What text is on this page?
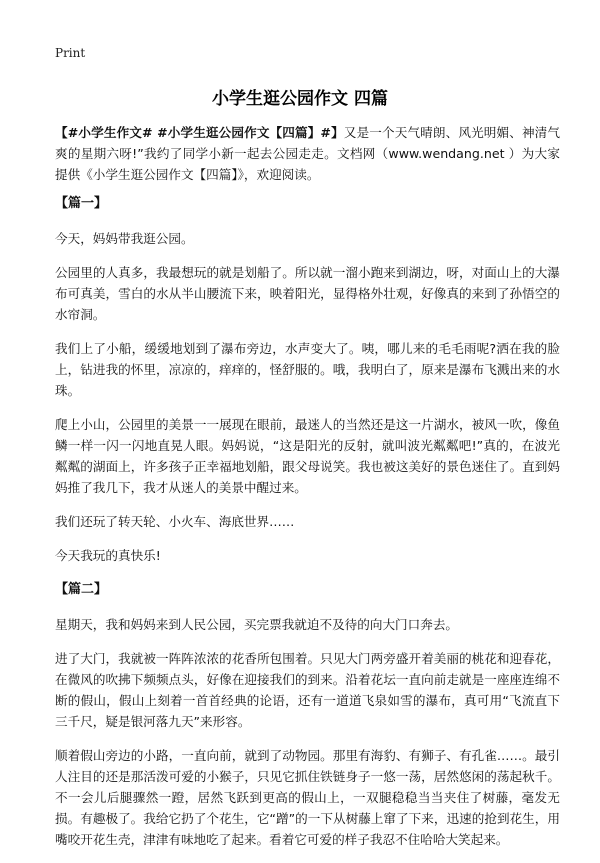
Print
小学生逛公园作文 四篇

【#小学生作文# #小学生逛公园作文【四篇】#】又是一个天气晴朗、风光明媚、神清气爽的星期六呀!”我约了同学小新一起去公园走走。文档网（www.wendang.net ）为大家提供《小学生逛公园作文【四篇】》，欢迎阅读。

【篇一】

今天，妈妈带我逛公园。

公园里的人真多，我最想玩的就是划船了。所以就一溜小跑来到湖边，呀，对面山上的大瀑布可真美，雪白的水从半山腰流下来，映着阳光，显得格外壮观，好像真的来到了孙悟空的水帘洞。

我们上了小船，缓缓地划到了瀑布旁边，水声变大了。咦，哪儿来的毛毛雨呢?洒在我的脸上，钻进我的怀里，凉凉的，痒痒的，怪舒服的。哦，我明白了，原来是瀑布飞溅出来的水珠。

爬上小山，公园里的美景一一展现在眼前，最迷人的当然还是这一片湖水，被风一吹，像鱼鳞一样一闪一闪地直晃人眼。妈妈说，“这是阳光的反射，就叫波光粼粼吧!”真的，在波光粼粼的湖面上，许多孩子正幸福地划船，跟父母说笑。我也被这美好的景色迷住了。直到妈妈推了我几下，我才从迷人的美景中醒过来。

我们还玩了转天轮、小火车、海底世界……

今天我玩的真快乐!

【篇二】

星期天，我和妈妈来到人民公园，买完票我就迫不及待的向大门口奔去。

进了大门，我就被一阵阵浓浓的花香所包围着。只见大门两旁盛开着美丽的桃花和迎春花，在微风的吹拂下频频点头，好像在迎接我们的到来。沿着花坛一直向前走就是一座座连绵不断的假山，假山上刻着一首首经典的论语，还有一道道飞泉如雪的瀑布，真可用“飞流直下三千尺，疑是银河落九天”来形容。

顺着假山旁边的小路，一直向前，就到了动物园。那里有海豹、有狮子、有孔雀……。最引人注目的还是那活泼可爱的小猴子，只见它抓住铁链身子一悠一荡，居然悠闲的荡起秋千。不一会儿后腿骤然一蹬，居然飞跃到更高的假山上，一双腿稳稳当当夹住了树藤，毫发无损。有趣极了。我给它扔了个花生，它“蹭”的一下从树藤上窜了下来，迅速的抢到花生，用嘴咬开花生壳，津津有味地吃了起来。看着它可爱的样子我忍不住哈哈大笑起来。
